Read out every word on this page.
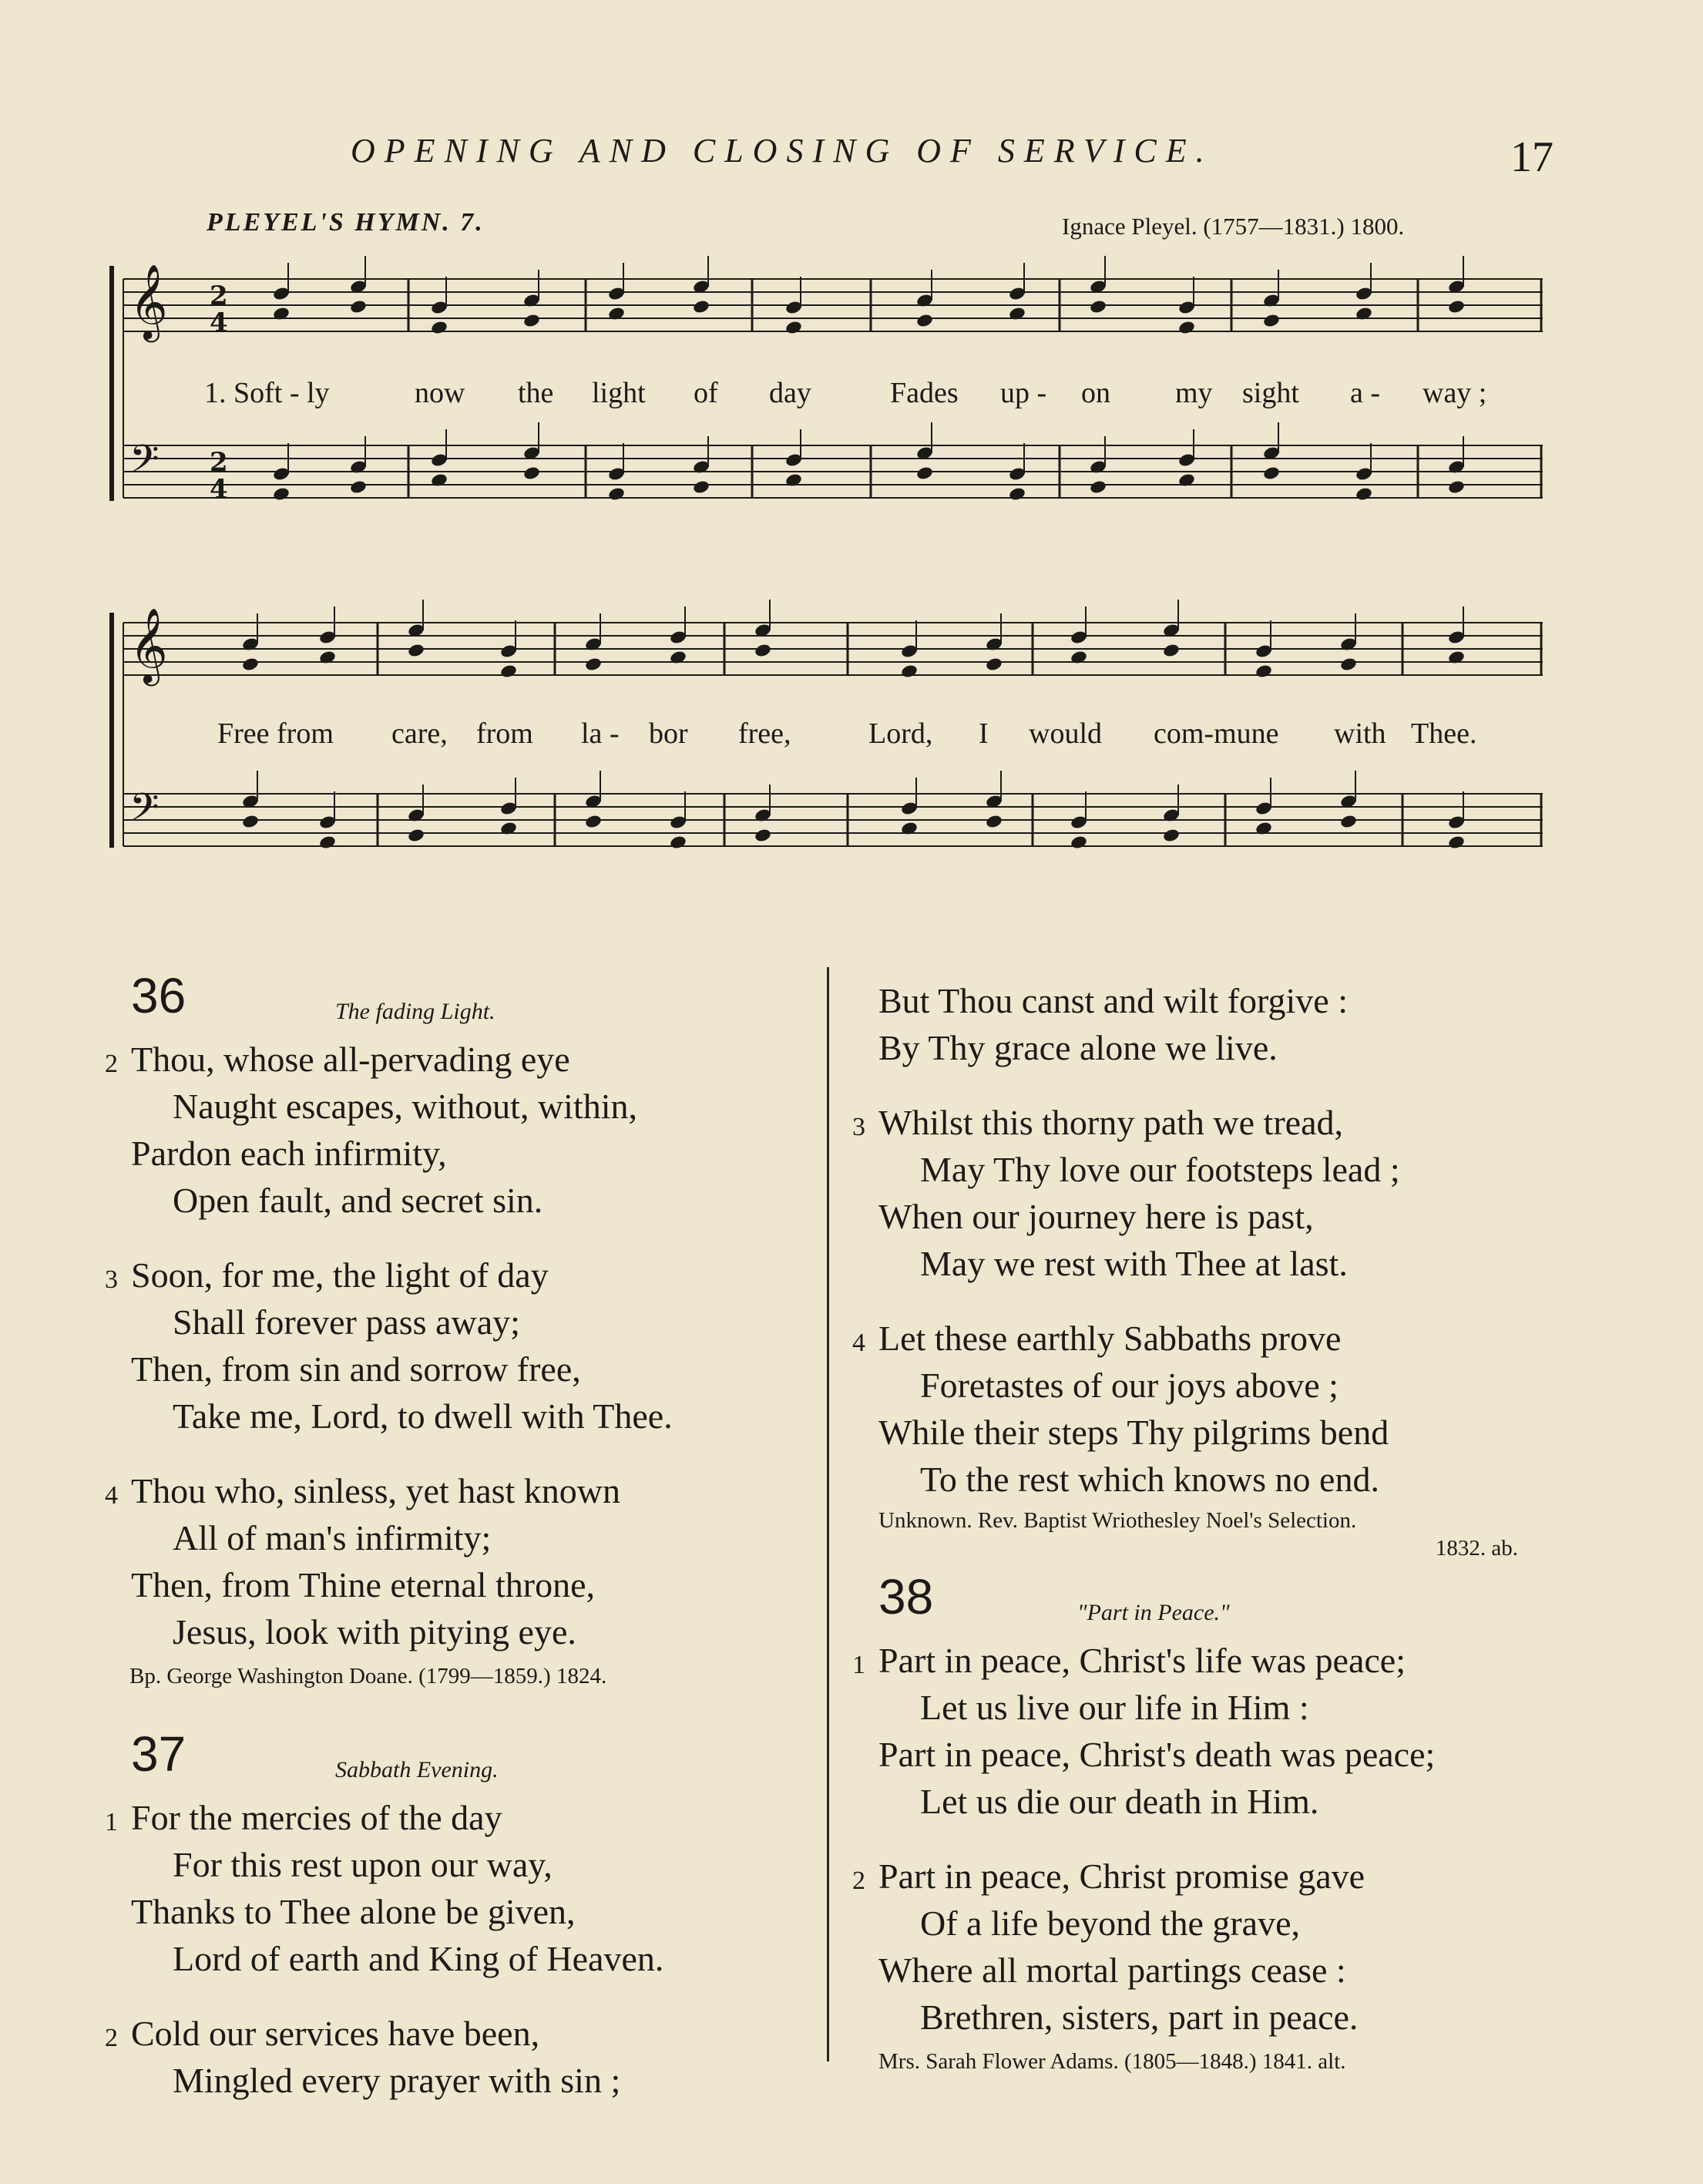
OPENING AND CLOSING OF SERVICE.	17
PLEYEL'S HYMN. 7.	Ignace Pleyel. (1757—1831.) 1800.
𝄞
𝄢
2
4
2
4
𝄞
𝄢
1. Soft - ly	now the light of day	Fades up - on my sight a - way ;
Free from care, from la - bor free,	Lord, I would com-mune with Thee.
36	The fading Light.
2 Thou, whose all-pervading eye
Naught escapes, without, within,
Pardon each infirmity,
Open fault, and secret sin.
3 Soon, for me, the light of day
Shall forever pass away;
Then, from sin and sorrow free,
Take me, Lord, to dwell with Thee.
4 Thou who, sinless, yet hast known
All of man's infirmity;
Then, from Thine eternal throne,
Jesus, look with pitying eye.
Bp. George Washington Doane. (1799—1859.) 1824.
37	Sabbath Evening.
1 For the mercies of the day
For this rest upon our way,
Thanks to Thee alone be given,
Lord of earth and King of Heaven.
2 Cold our services have been,
Mingled every prayer with sin ;
But Thou canst and wilt forgive :
By Thy grace alone we live.
3 Whilst this thorny path we tread,
May Thy love our footsteps lead ;
When our journey here is past,
May we rest with Thee at last.
4 Let these earthly Sabbaths prove
Foretastes of our joys above ;
While their steps Thy pilgrims bend
To the rest which knows no end.
Unknown. Rev. Baptist Wriothesley Noel's Selection.
1832. ab.
38	"Part in Peace."
1 Part in peace, Christ's life was peace;
Let us live our life in Him :
Part in peace, Christ's death was peace;
Let us die our death in Him.
2 Part in peace, Christ promise gave
Of a life beyond the grave,
Where all mortal partings cease :
Brethren, sisters, part in peace.
Mrs. Sarah Flower Adams. (1805—1848.) 1841. alt.
